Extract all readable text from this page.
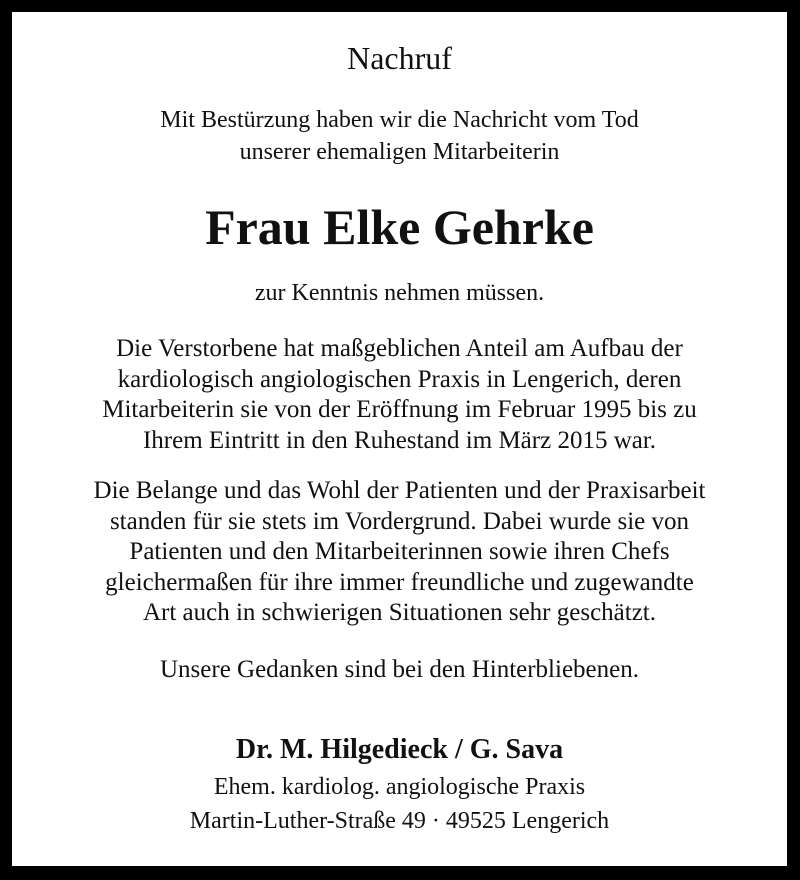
Nachruf
Mit Bestürzung haben wir die Nachricht vom Tod
unserer ehemaligen Mitarbeiterin
Frau Elke Gehrke
zur Kenntnis nehmen müssen.
Die Verstorbene hat maßgeblichen Anteil am Aufbau der
kardiologisch angiologischen Praxis in Lengerich, deren
Mitarbeiterin sie von der Eröffnung im Februar 1995 bis zu
Ihrem Eintritt in den Ruhestand im März 2015 war.
Die Belange und das Wohl der Patienten und der Praxisarbeit
standen für sie stets im Vordergrund. Dabei wurde sie von
Patienten und den Mitarbeiterinnen sowie ihren Chefs
gleichermaßen für ihre immer freundliche und zugewandte
Art auch in schwierigen Situationen sehr geschätzt.
Unsere Gedanken sind bei den Hinterbliebenen.
Dr. M. Hilgedieck / G. Sava
Ehem. kardiolog. angiologische Praxis
Martin-Luther-Straße 49 · 49525 Lengerich
